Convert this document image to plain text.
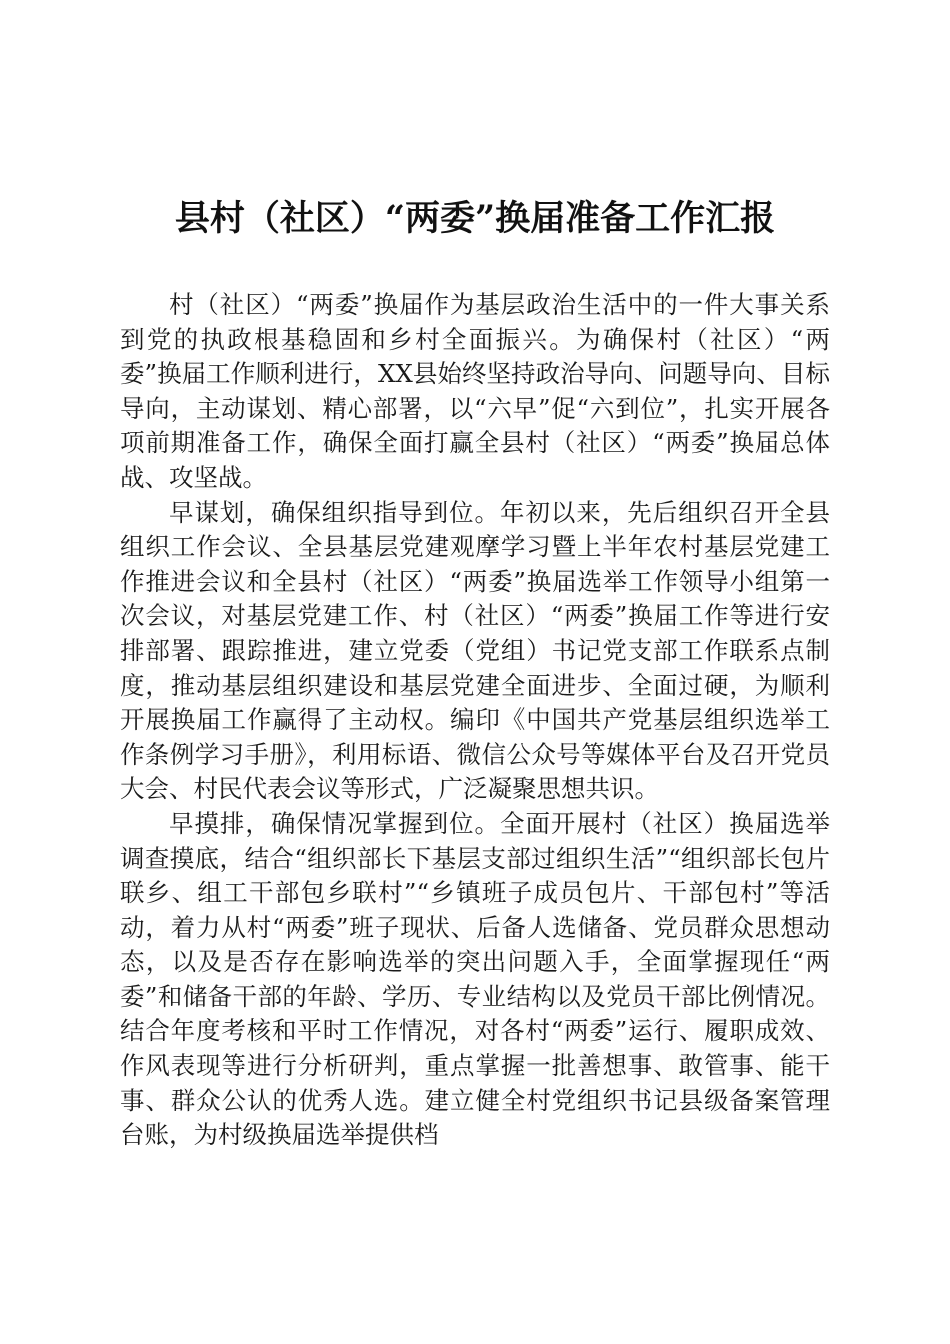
县村（社区）“两委”换届准备工作汇报

村（社区）“两委”换届作为基层政治生活中的一件大事关系到党的执政根基稳固和乡村全面振兴。为确保村（社区）“两委”换届工作顺利进行，XX县始终坚持政治导向、问题导向、目标导向，主动谋划、精心部署，以“六早”促“六到位”，扎实开展各项前期准备工作，确保全面打赢全县村（社区）“两委”换届总体战、攻坚战。

早谋划，确保组织指导到位。年初以来，先后组织召开全县组织工作会议、全县基层党建观摩学习暨上半年农村基层党建工作推进会议和全县村（社区）“两委”换届选举工作领导小组第一次会议，对基层党建工作、村（社区）“两委”换届工作等进行安排部署、跟踪推进，建立党委（党组）书记党支部工作联系点制度，推动基层组织建设和基层党建全面进步、全面过硬，为顺利开展换届工作赢得了主动权。编印《中国共产党基层组织选举工作条例学习手册》，利用标语、微信公众号等媒体平台及召开党员大会、村民代表会议等形式，广泛凝聚思想共识。

早摸排，确保情况掌握到位。全面开展村（社区）换届选举调查摸底，结合“组织部长下基层支部过组织生活”“组织部长包片联乡、组工干部包乡联村”“乡镇班子成员包片、干部包村”等活动，着力从村“两委”班子现状、后备人选储备、党员群众思想动态，以及是否存在影响选举的突出问题入手，全面掌握现任“两委”和储备干部的年龄、学历、专业结构以及党员干部比例情况。结合年度考核和平时工作情况，对各村“两委”运行、履职成效、作风表现等进行分析研判，重点掌握一批善想事、敢管事、能干事、群众公认的优秀人选。建立健全村党组织书记县级备案管理台账，为村级换届选举提供档
